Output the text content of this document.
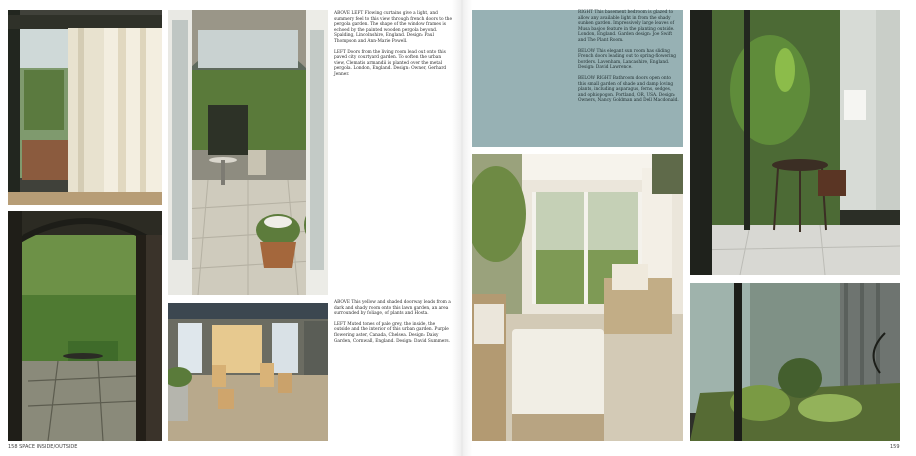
ABOVE LEFT Flowing curtains give a light, and summery feel to this view through french doors to the pergola garden. The shape of the window frames is echoed by the painted wooden pergola beyond. Spalding, Lincolnshire, England. Design: Paul Thompson and Ann-Marie Powell.

LEFT Doors from the living room lead out onto this paved city courtyard garden. To soften the urban view, Clematis armandii is planted over the metal pergola. London, England. Design: Owner, Gerhard Jenner.

ABOVE This yellow and shaded doorway leads from a dark and shady room onto this lawn garden, an area surrounded by foliage, of plants and Hosta.

LEFT Muted tones of pale grey, the inside, the outside and the interior of this urban garden. Purple flowering aster, Canada, Chelsea. Design: Daisy Garden, Cornwall, England. Design: David Summers.

158 SPACE INSIDE/OUTSIDE

RIGHT This basement bedroom is glazed to allow any available light in from the shady sunken garden. Impressively large leaves of Musa basjoo feature in the planting outside. London, England. Garden design: Joe Swift and The Plant Room.

BELOW This elegant sun room has sliding French doors leading out to spring-flowering borders. Lavenham, Lancashire, England. Design: David Lawrence.

BELOW RIGHT Bathroom doors open onto this small garden of shade and damp loving plants, including asparagus, ferns, sedges, and ophiopogon. Portland, OR, USA. Design: Owners, Nancy Goldman and Dell Macdonald.

159
